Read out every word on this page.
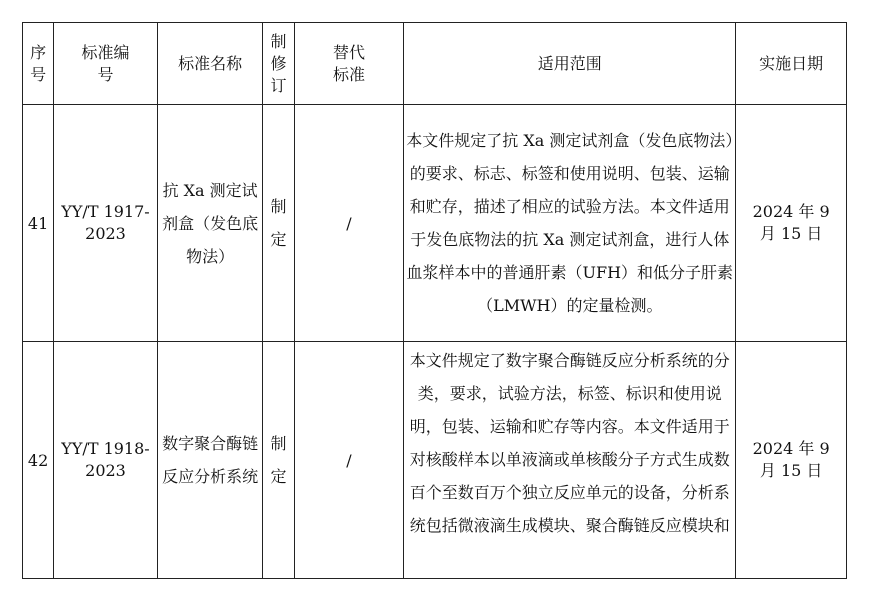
序号	标准编号	标准名称	制修订	替代标准	适用范围	实施日期

41	YY/T 1917-2023	抗 Xa 测定试剂盒（发色底物法）	制定	/	本文件规定了抗 Xa 测定试剂盒（发色底物法）的要求、标志、标签和使用说明、包装、运输和贮存，描述了相应的试验方法。本文件适用于发色底物法的抗 Xa 测定试剂盒，进行人体血浆样本中的普通肝素（UFH）和低分子肝素（LMWH）的定量检测。	2024 年 9 月 15 日

42	YY/T 1918-2023	数字聚合酶链反应分析系统	制定	/	本文件规定了数字聚合酶链反应分析系统的分类，要求，试验方法，标签、标识和使用说明，包装、运输和贮存等内容。本文件适用于对核酸样本以单液滴或单核酸分子方式生成数百个至数百万个独立反应单元的设备，分析系统包括微液滴生成模块、聚合酶链反应模块和	2024 年 9 月 15 日
